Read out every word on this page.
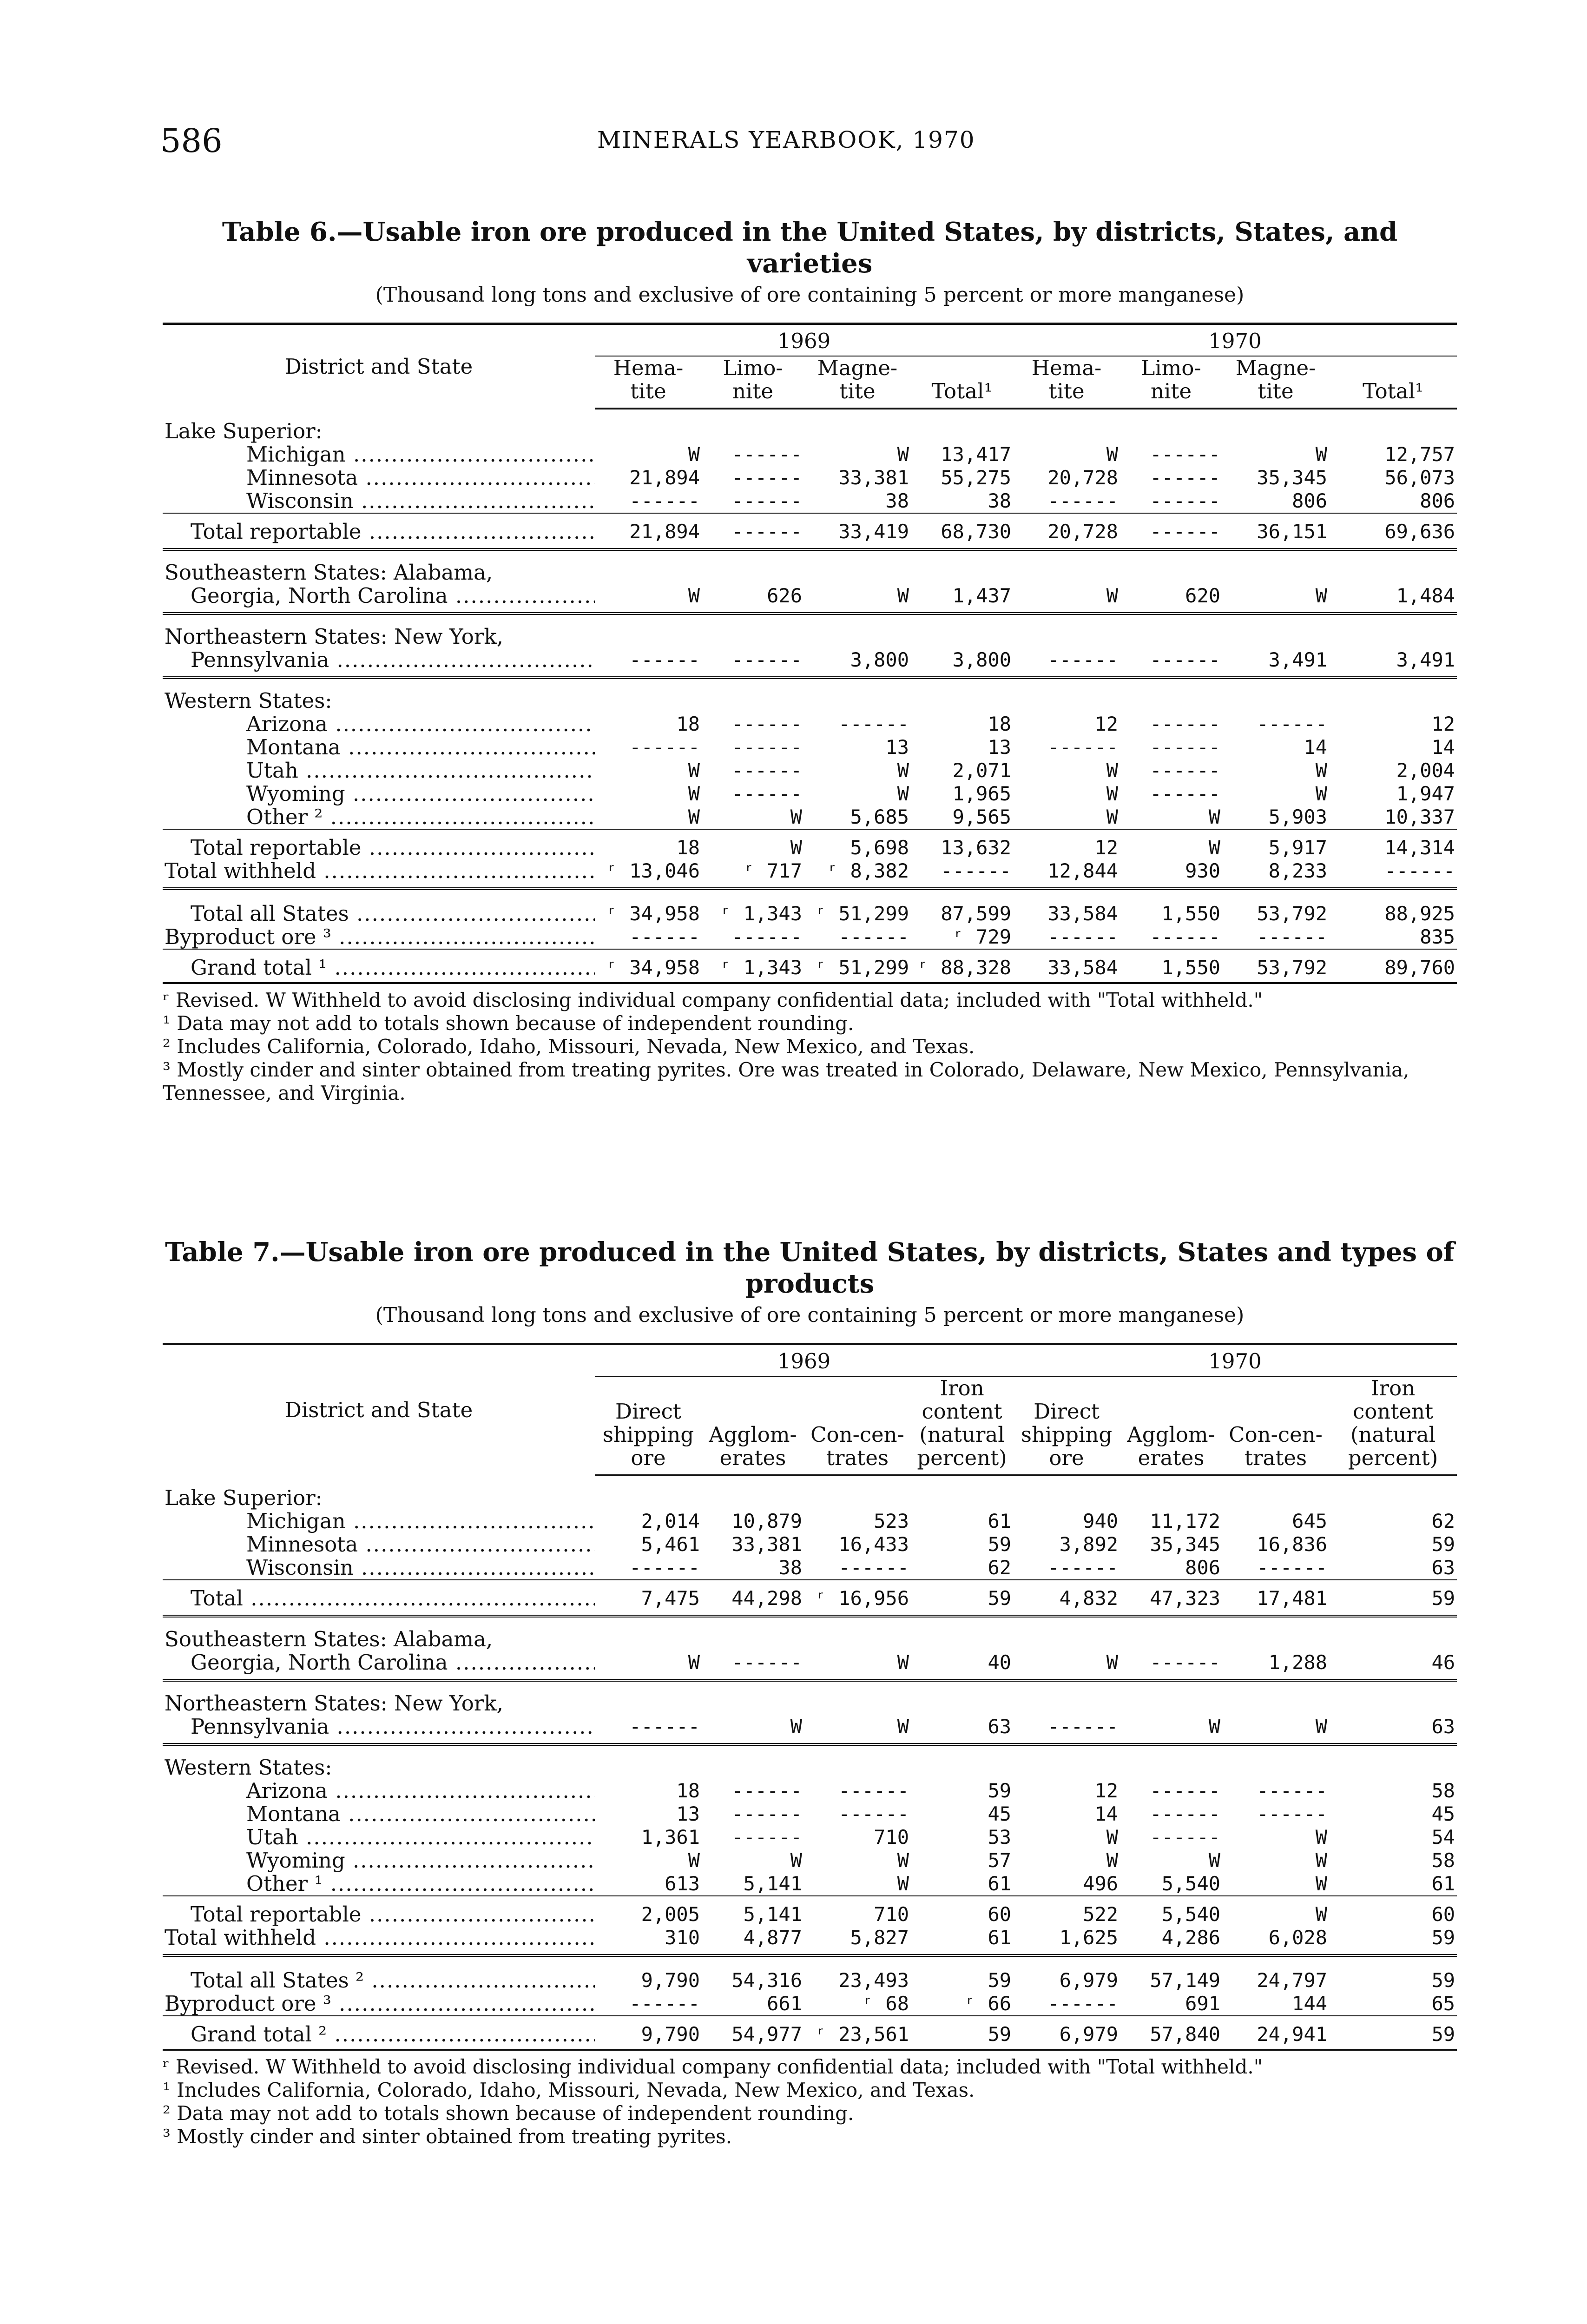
586	MINERALS YEARBOOK, 1970
Table 6.—Usable iron ore produced in the United States, by districts, States, and varieties
(Thousand long tons and exclusive of ore containing 5 percent or more manganese)
District and State	1969				1970			
	Hema-tite	Limo-nite	Magne-tite	Total¹	Hema-tite	Limo-nite	Magne-tite	Total¹
Lake Superior:								
Michigan .....	W	------	W	13,417	W	------	W	12,757
Minnesota .....	21,894	------	33,381	55,275	20,728	------	35,345	56,073
Wisconsin .....	------	------	38	38	------	------	806	806
Total reportable .....	21,894	------	33,419	68,730	20,728	------	36,151	69,636
Southeastern States: Alabama,								
Georgia, North Carolina .....	W	626	W	1,437	W	620	W	1,484
Northeastern States: New York,								
Pennsylvania .....	------	------	3,800	3,800	------	------	3,491	3,491
Western States:								
Arizona .....	18	------	------	18	12	------	------	12
Montana .....	------	------	13	13	------	------	14	14
Utah .....	W	------	W	2,071	W	------	W	2,004
Wyoming .....	W	------	W	1,965	W	------	W	1,947
Other ² .....	W	W	5,685	9,565	W	W	5,903	10,337
Total reportable .....	18	W	5,698	13,632	12	W	5,917	14,314
Total withheld .....	ʳ 13,046	ʳ 717	ʳ 8,382	------	12,844	930	8,233	------
Total all States .....	ʳ 34,958	ʳ 1,343	ʳ 51,299	87,599	33,584	1,550	53,792	88,925
Byproduct ore ³ .....	------	------	------	ʳ 729	------	------	------	835
Grand total ¹ .....	ʳ 34,958	ʳ 1,343	ʳ 51,299	ʳ 88,328	33,584	1,550	53,792	89,760

ʳ Revised. W Withheld to avoid disclosing individual company confidential data; included with "Total withheld."

¹ Data may not add to totals shown because of independent rounding.

² Includes California, Colorado, Idaho, Missouri, Nevada, New Mexico, and Texas.

³ Mostly cinder and sinter obtained from treating pyrites. Ore was treated in Colorado, Delaware, New Mexico, Pennsylvania, Tennessee, and Virginia.

Table 7.—Usable iron ore produced in the United States, by districts, States and types of products
(Thousand long tons and exclusive of ore containing 5 percent or more manganese)
District and State	1969				1970			
	Direct shipping ore	Agglom-erates	Con-cen-trates	Iron content (natural percent)	Direct shipping ore	Agglom-erates	Con-cen-trates	Iron content (natural percent)
Lake Superior:								
Michigan .....	2,014	10,879	523	61	940	11,172	645	62
Minnesota .....	5,461	33,381	16,433	59	3,892	35,345	16,836	59
Wisconsin .....	------	38	------	62	------	806	------	63
Total .....	7,475	44,298	ʳ 16,956	59	4,832	47,323	17,481	59
Southeastern States: Alabama,								
Georgia, North Carolina .....	W	------	W	40	W	------	1,288	46
Northeastern States: New York,								
Pennsylvania .....	------	W	W	63	------	W	W	63
Western States:								
Arizona .....	18	------	------	59	12	------	------	58
Montana .....	13	------	------	45	14	------	------	45
Utah .....	1,361	------	710	53	W	------	W	54
Wyoming .....	W	W	W	57	W	W	W	58
Other ¹ .....	613	5,141	W	61	496	5,540	W	61
Total reportable .....	2,005	5,141	710	60	522	5,540	W	60
Total withheld .....	310	4,877	5,827	61	1,625	4,286	6,028	59
Total all States ² .....	9,790	54,316	23,493	59	6,979	57,149	24,797	59
Byproduct ore ³ .....	------	661	ʳ 68	ʳ 66	------	691	144	65
Grand total ² .....	9,790	54,977	ʳ 23,561	59	6,979	57,840	24,941	59

ʳ Revised. W Withheld to avoid disclosing individual company confidential data; included with "Total withheld."

¹ Includes California, Colorado, Idaho, Missouri, Nevada, New Mexico, and Texas.

² Data may not add to totals shown because of independent rounding.

³ Mostly cinder and sinter obtained from treating pyrites.
